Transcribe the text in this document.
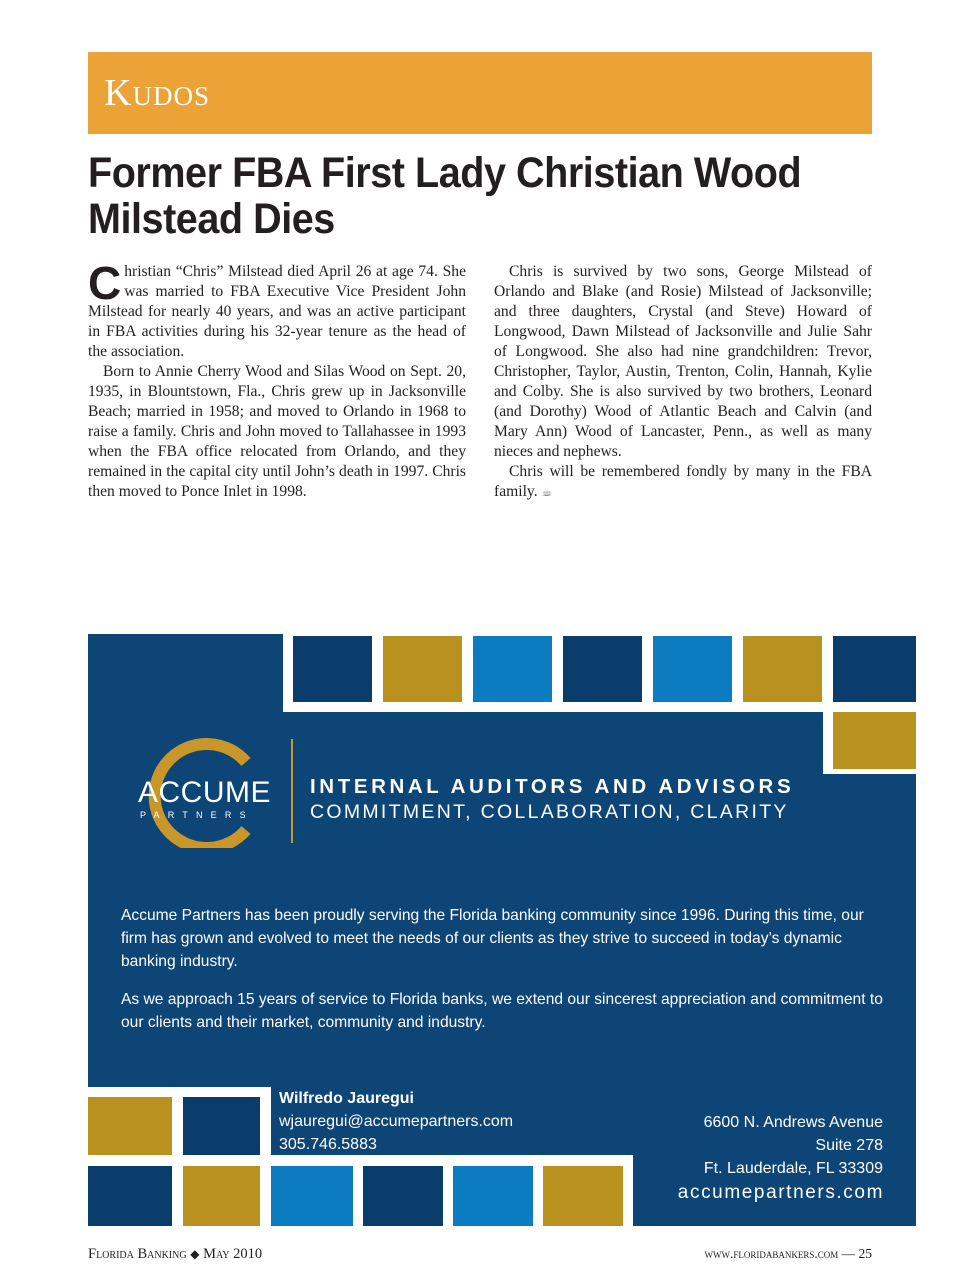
Kudos
Former FBA First Lady Christian Wood Milstead Dies

Christian “Chris” Milstead died April 26 at age 74. She was married to FBA Executive Vice President John Milstead for nearly 40 years, and was an active participant in FBA activities during his 32-year tenure as the head of the association.

Born to Annie Cherry Wood and Silas Wood on Sept. 20, 1935, in Blountstown, Fla., Chris grew up in Jacksonville Beach; married in 1958; and moved to Orlando in 1968 to raise a family. Chris and John moved to Tallahassee in 1993 when the FBA office relocated from Orlando, and they remained in the capital city until John’s death in 1997. Chris then moved to Ponce Inlet in 1998.

Chris is survived by two sons, George Milstead of Orlando and Blake (and Rosie) Milstead of Jacksonville; and three daughters, Crystal (and Steve) Howard of Longwood, Dawn Milstead of Jacksonville and Julie Sahr of Longwood. She also had nine grandchildren: Trevor, Christopher, Taylor, Austin, Trenton, Colin, Hannah, Kylie and Colby. She is also survived by two brothers, Leonard (and Dorothy) Wood of Atlantic Beach and Calvin (and Mary Ann) Wood of Lancaster, Penn., as well as many nieces and nephews.

Chris will be remembered fondly by many in the FBA family. ☕

ACCUME
PARTNERS
INTERNAL AUDITORS AND ADVISORS
COMMITMENT, COLLABORATION, CLARITY

Accume Partners has been proudly serving the Florida banking community since 1996. During this time, our firm has grown and evolved to meet the needs of our clients as they strive to succeed in today’s dynamic banking industry.

As we approach 15 years of service to Florida banks, we extend our sincerest appreciation and commitment to our clients and their market, community and industry.

Wilfredo Jauregui
wjauregui@accumepartners.com
305.746.5883
6600 N. Andrews Avenue
Suite 278
Ft. Lauderdale, FL 33309
accumepartners.com
Florida Banking ◆ May 2010	www.floridabankers.com — 25
